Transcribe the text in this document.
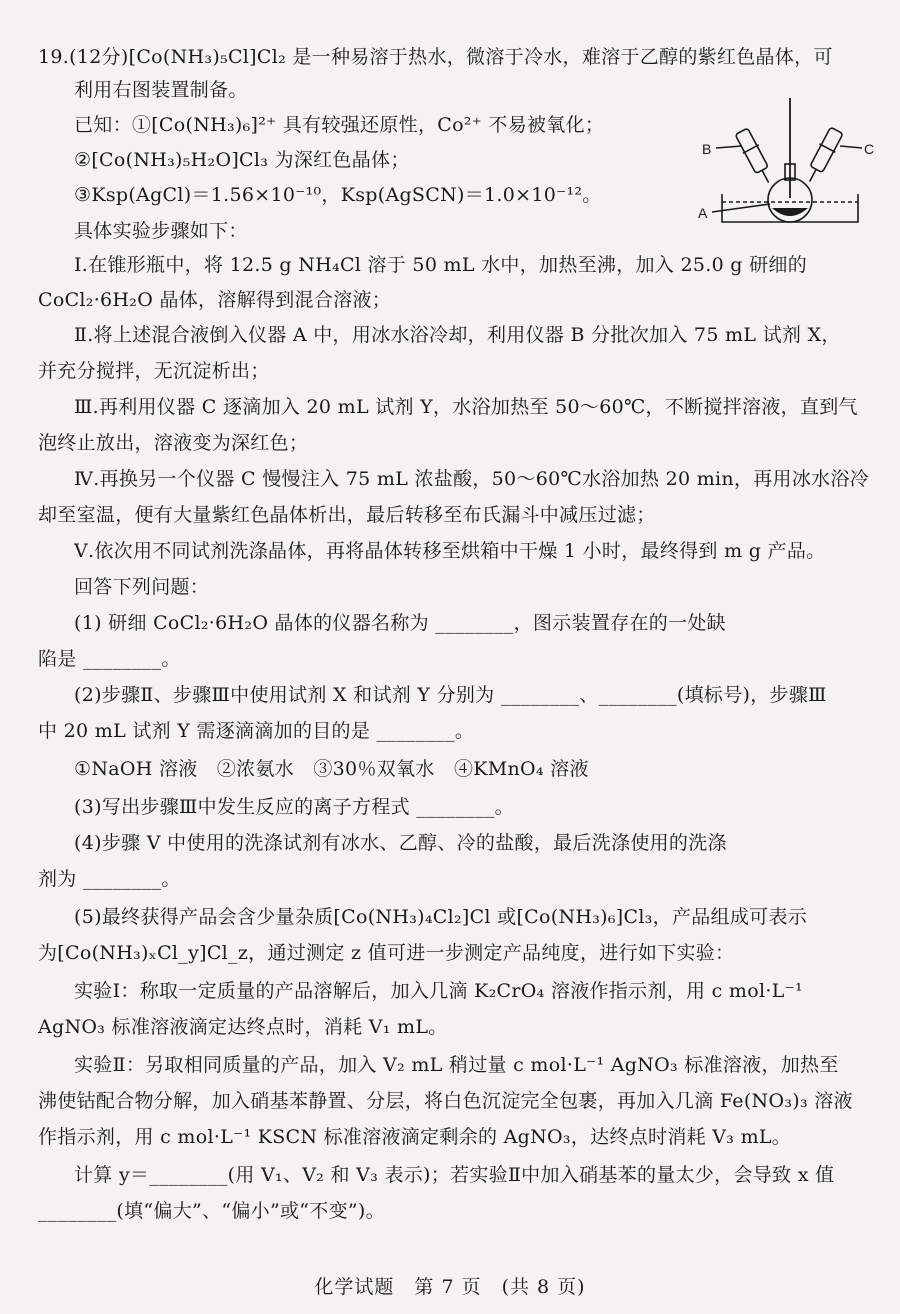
19.(12分)[Co(NH₃)₅Cl]Cl₂ 是一种易溶于热水，微溶于冷水，难溶于乙醇的紫红色晶体，可
利用右图装置制备。
已知：①[Co(NH₃)₆]²⁺ 具有较强还原性，Co²⁺ 不易被氧化；
②[Co(NH₃)₅H₂O]Cl₃ 为深红色晶体；
③Ksp(AgCl)＝1.56×10⁻¹⁰，Ksp(AgSCN)＝1.0×10⁻¹²。
B	C
A
具体实验步骤如下：
Ⅰ.在锥形瓶中，将 12.5 g NH₄Cl 溶于 50 mL 水中，加热至沸，加入 25.0 g 研细的
CoCl₂·6H₂O 晶体，溶解得到混合溶液；
Ⅱ.将上述混合液倒入仪器 A 中，用冰水浴冷却，利用仪器 B 分批次加入 75 mL 试剂 X，
并充分搅拌，无沉淀析出；
Ⅲ.再利用仪器 C 逐滴加入 20 mL 试剂 Y，水浴加热至 50～60℃，不断搅拌溶液，直到气
泡终止放出，溶液变为深红色；
Ⅳ.再换另一个仪器 C 慢慢注入 75 mL 浓盐酸，50～60℃水浴加热 20 min，再用冰水浴冷
却至室温，便有大量紫红色晶体析出，最后转移至布氏漏斗中减压过滤；
Ⅴ.依次用不同试剂洗涤晶体，再将晶体转移至烘箱中干燥 1 小时，最终得到 m g 产品。
回答下列问题：
(1) 研细 CoCl₂·6H₂O 晶体的仪器名称为 ________，图示装置存在的一处缺
陷是 ________。
(2)步骤Ⅱ、步骤Ⅲ中使用试剂 X 和试剂 Y 分别为 ________、________(填标号)，步骤Ⅲ
中 20 mL 试剂 Y 需逐滴滴加的目的是 ________。
①NaOH 溶液　②浓氨水　③30％双氧水　④KMnO₄ 溶液
(3)写出步骤Ⅲ中发生反应的离子方程式 ________。
(4)步骤 Ⅴ 中使用的洗涤试剂有冰水、乙醇、冷的盐酸，最后洗涤使用的洗涤
剂为 ________。
(5)最终获得产品会含少量杂质[Co(NH₃)₄Cl₂]Cl 或[Co(NH₃)₆]Cl₃，产品组成可表示
为[Co(NH₃)ₓCl_y]Cl_z，通过测定 z 值可进一步测定产品纯度，进行如下实验：
实验Ⅰ：称取一定质量的产品溶解后，加入几滴 K₂CrO₄ 溶液作指示剂，用 c mol·L⁻¹
AgNO₃ 标准溶液滴定达终点时，消耗 V₁ mL。
实验Ⅱ：另取相同质量的产品，加入 V₂ mL 稍过量 c mol·L⁻¹ AgNO₃ 标准溶液，加热至
沸使钴配合物分解，加入硝基苯静置、分层，将白色沉淀完全包裹，再加入几滴 Fe(NO₃)₃ 溶液
作指示剂，用 c mol·L⁻¹ KSCN 标准溶液滴定剩余的 AgNO₃，达终点时消耗 V₃ mL。
计算 y＝________(用 V₁、V₂ 和 V₃ 表示)；若实验Ⅱ中加入硝基苯的量太少，会导致 x 值
________(填“偏大”、“偏小”或“不变”)。
化学试题　第 7 页　(共 8 页)
